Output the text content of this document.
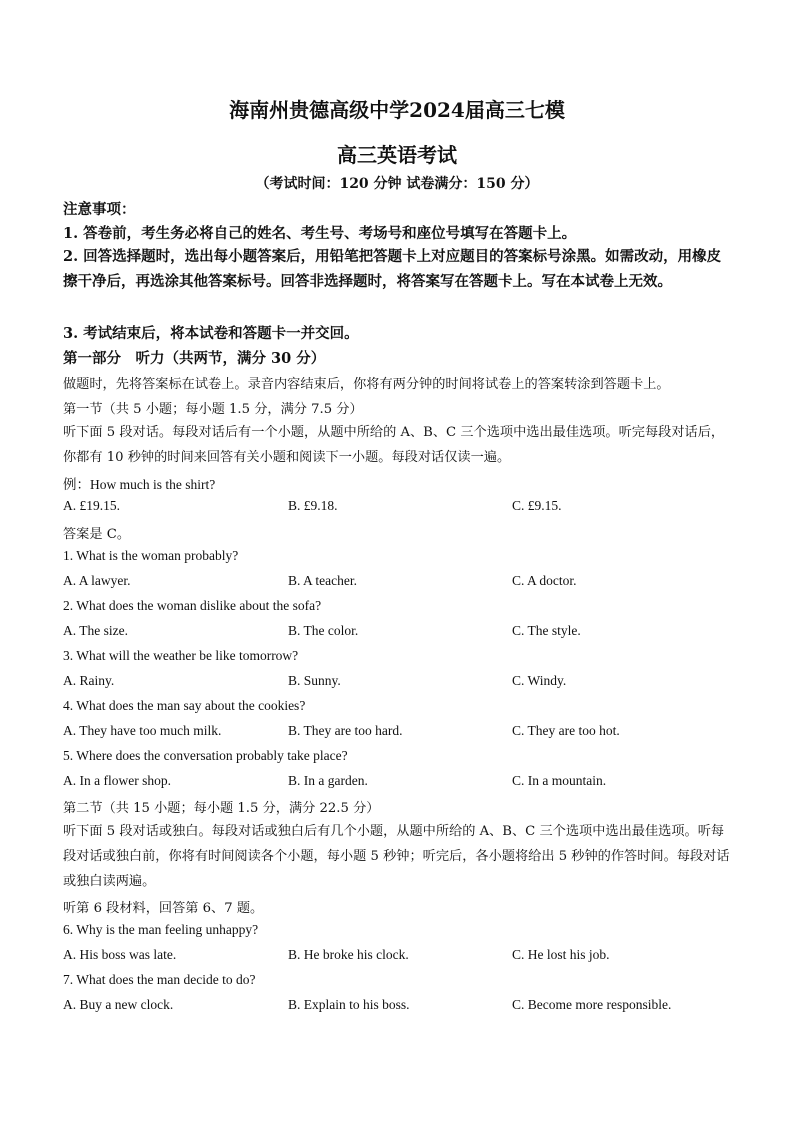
海南州贵德高级中学2024届高三七模
高三英语考试
（考试时间：120 分钟 试卷满分：150 分）
注意事项：
1. 答卷前，考生务必将自己的姓名、考生号、考场号和座位号填写在答题卡上。
2. 回答选择题时，选出每小题答案后，用铅笔把答题卡上对应题目的答案标号涂黑。如需改动，用橡皮擦干净后，再选涂其他答案标号。回答非选择题时，将答案写在答题卡上。写在本试卷上无效。
3. 考试结束后，将本试卷和答题卡一并交回。
第一部分　听力（共两节，满分 30 分）
做题时，先将答案标在试卷上。录音内容结束后，你将有两分钟的时间将试卷上的答案转涂到答题卡上。
第一节（共 5 小题；每小题 1.5 分，满分 7.5 分）
听下面 5 段对话。每段对话后有一个小题，从题中所给的 A、B、C 三个选项中选出最佳选项。听完每段对话后，你都有 10 秒钟的时间来回答有关小题和阅读下一小题。每段对话仅读一遍。
例：How much is the shirt?
A. £19.15.	B. £9.18.	C. £9.15.
答案是 C。
1. What is the woman probably?
A. A lawyer.	B. A teacher.	C. A doctor.
2. What does the woman dislike about the sofa?
A. The size.	B. The color.	C. The style.
3. What will the weather be like tomorrow?
A. Rainy.	B. Sunny.	C. Windy.
4. What does the man say about the cookies?
A. They have too much milk.	B. They are too hard.	C. They are too hot.
5. Where does the conversation probably take place?
A. In a flower shop.	B. In a garden.	C. In a mountain.
第二节（共 15 小题；每小题 1.5 分，满分 22.5 分）
听下面 5 段对话或独白。每段对话或独白后有几个小题，从题中所给的 A、B、C 三个选项中选出最佳选项。听每段对话或独白前，你将有时间阅读各个小题，每小题 5 秒钟；听完后，各小题将给出 5 秒钟的作答时间。每段对话或独白读两遍。
听第 6 段材料，回答第 6、7 题。
6. Why is the man feeling unhappy?
A. His boss was late.	B. He broke his clock.	C. He lost his job.
7. What does the man decide to do?
A. Buy a new clock.	B. Explain to his boss.	C. Become more responsible.
